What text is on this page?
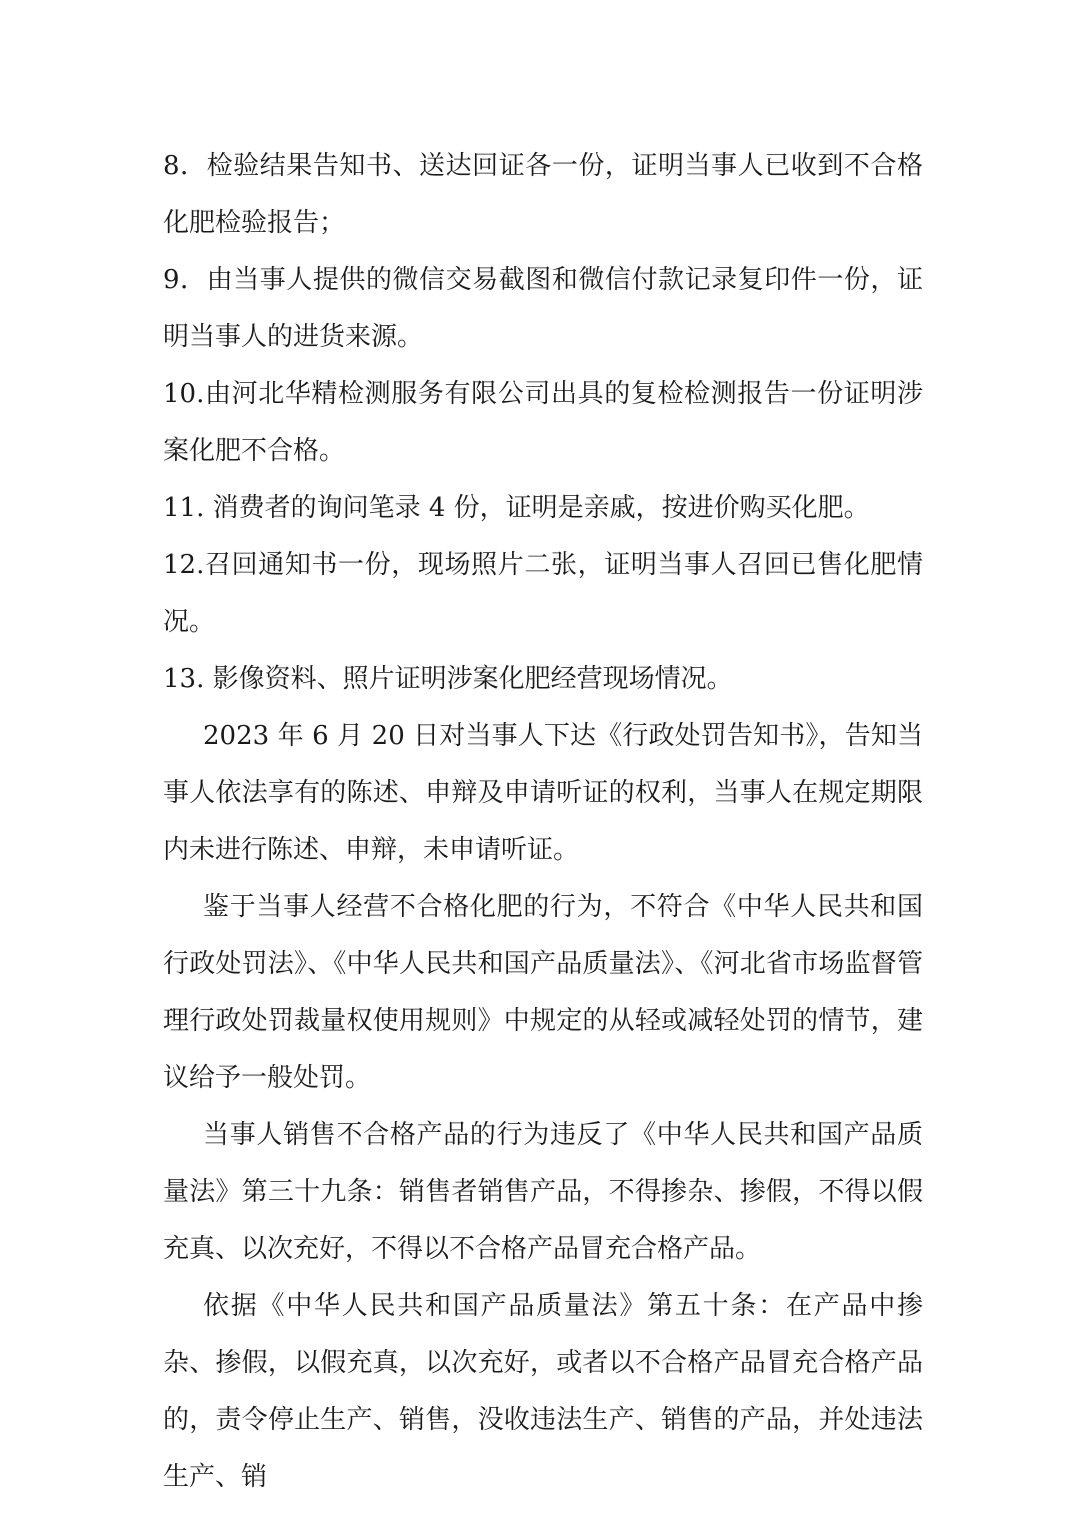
8．检验结果告知书、送达回证各一份，证明当事人已收到不合格化肥检验报告；

9．由当事人提供的微信交易截图和微信付款记录复印件一份，证明当事人的进货来源。

10.由河北华精检测服务有限公司出具的复检检测报告一份证明涉案化肥不合格。

11. 消费者的询问笔录 4 份，证明是亲戚，按进价购买化肥。

12.召回通知书一份，现场照片二张，证明当事人召回已售化肥情况。

13. 影像资料、照片证明涉案化肥经营现场情况。

2023 年 6 月 20 日对当事人下达《行政处罚告知书》，告知当事人依法享有的陈述、申辩及申请听证的权利，当事人在规定期限内未进行陈述、申辩，未申请听证。

鉴于当事人经营不合格化肥的行为，不符合《中华人民共和国行政处罚法》、《中华人民共和国产品质量法》、《河北省市场监督管理行政处罚裁量权使用规则》中规定的从轻或减轻处罚的情节，建议给予一般处罚。

当事人销售不合格产品的行为违反了《中华人民共和国产品质量法》第三十九条：销售者销售产品，不得掺杂、掺假，不得以假充真、以次充好，不得以不合格产品冒充合格产品。

依据《中华人民共和国产品质量法》第五十条：在产品中掺杂、掺假，以假充真，以次充好，或者以不合格产品冒充合格产品的，责令停止生产、销售，没收违法生产、销售的产品，并处违法生产、销
